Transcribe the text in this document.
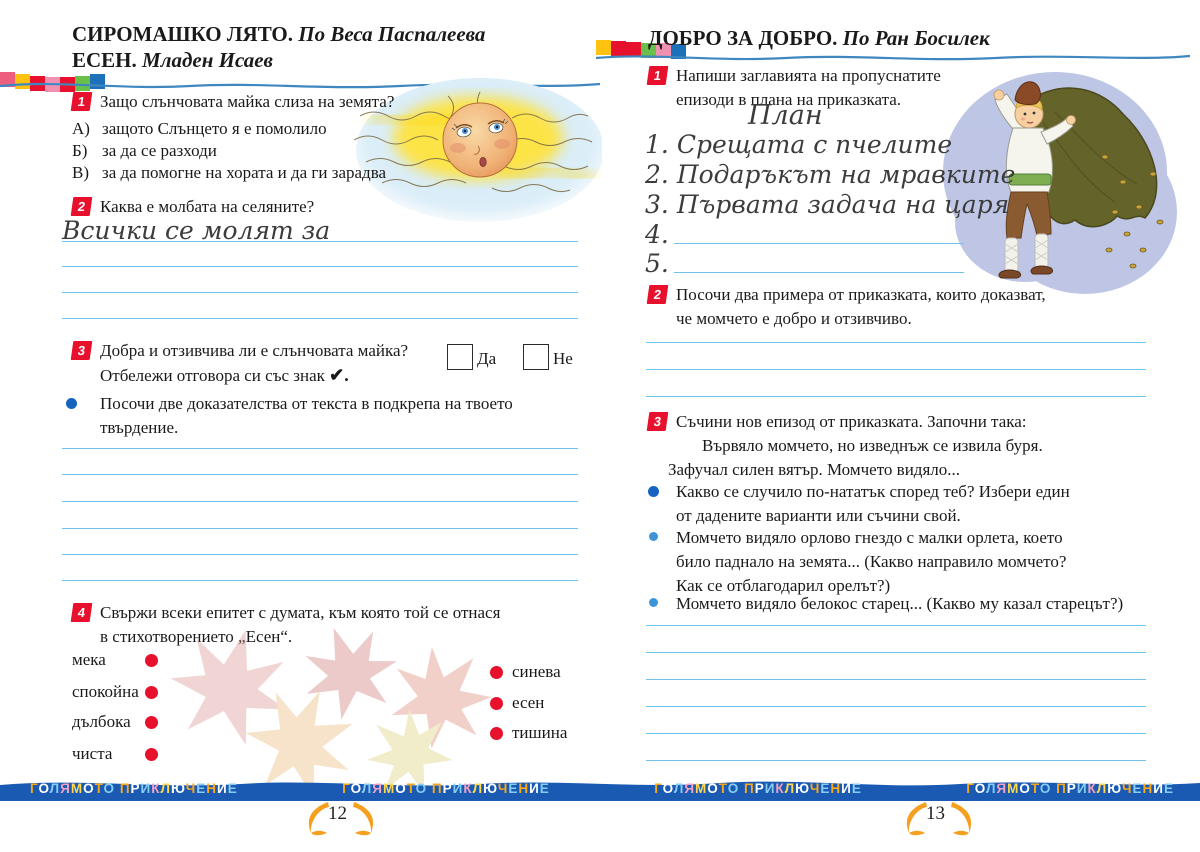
СИРОМАШКО ЛЯТО. По Веса Паспалеева
ЕСЕН. Младен Исаев
1 Защо слънчовата майка слиза на земята?
А) защото Слънцето я е помолило
Б) за да се разходи
В) за да помогне на хората и да ги зарадва
2 Каква е молбата на селяните?
Всички се молят за
3 Добра и отзивчива ли е слънчовата майка?
Отбележи отговора си със знак ✔.
Да	Не
Посочи две доказателства от текста в подкрепа на твоето
твърдение.
4 Свържи всеки епитет с думата, към която той се отнася
в стихотворението „Есен“.
мека
спокойна
дълбока
чиста
синева
есен
тишина
ДОБРО ЗА ДОБРО. По Ран Босилек
1 Напиши заглавията на пропуснатите
епизоди в плана на приказката.
План
1. Срещата с пчелите
2. Подаръкът на мравките
3. Първата задача на царя
4.
5.
2 Посочи два примера от приказката, които доказват,
че момчето е добро и отзивчиво.
3 Съчини нов епизод от приказката. Започни така:
Вървяло момчето, но изведнъж се извила буря.
Зафучал силен вятър. Момчето видяло...
Какво се случило по-нататък според теб? Избери един
от дадените варианти или съчини свой.
Момчето видяло орлово гнездо с малки орлета, което
било паднало на земята... (Какво направило момчето?
Как се отблагодарил орелът?)
Момчето видяло белокос старец... (Какво му казал старецът?)
ГОЛЯМОТО ПРИКЛЮЧЕНИЕ	ГОЛЯМОТО ПРИКЛЮЧЕНИЕ	ГОЛЯМОТО ПРИКЛЮЧЕНИЕ	ГОЛЯМОТО ПРИКЛЮЧЕНИЕ
12	13
